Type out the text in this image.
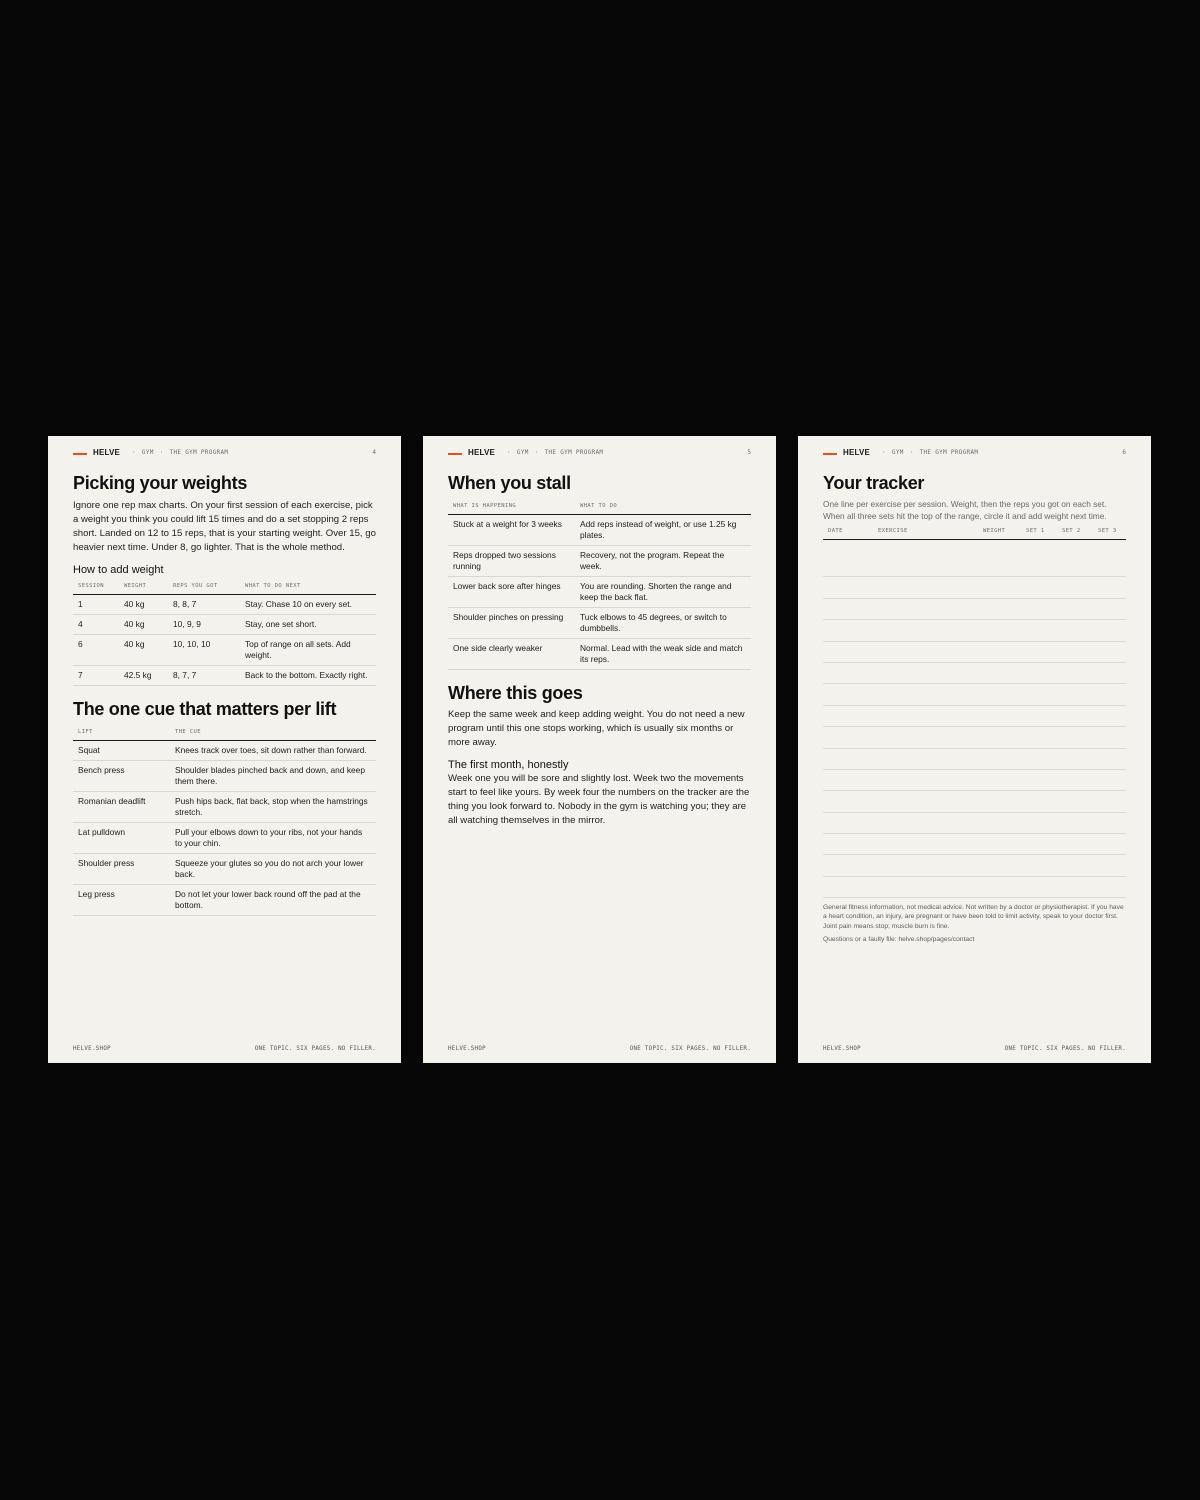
HELVE	· GYM · THE GYM PROGRAM	4
Picking your weights

Ignore one rep max charts. On your first session of each exercise, pick a weight you think you could lift 15 times and do a set stopping 2 reps short. Landed on 12 to 15 reps, that is your starting weight. Over 15, go heavier next time. Under 8, go lighter. That is the whole method.

How to add weight
SESSION	WEIGHT	REPS YOU GOT	WHAT TO DO NEXT
1	40 kg	8, 8, 7	Stay. Chase 10 on every set.
4	40 kg	10, 9, 9	Stay, one set short.
6	40 kg	10, 10, 10	Top of range on all sets. Add weight.
7	42.5 kg	8, 7, 7	Back to the bottom. Exactly right.
The one cue that matters per lift
LIFT	THE CUE
Squat	Knees track over toes, sit down rather than forward.
Bench press	Shoulder blades pinched back and down, and keep them there.
Romanian deadlift	Push hips back, flat back, stop when the hamstrings stretch.
Lat pulldown	Pull your elbows down to your ribs, not your hands to your chin.
Shoulder press	Squeeze your glutes so you do not arch your lower back.
Leg press	Do not let your lower back round off the pad at the bottom.
HELVE.SHOP	ONE TOPIC. SIX PAGES. NO FILLER.
HELVE	· GYM · THE GYM PROGRAM	5
When you stall
WHAT IS HAPPENING	WHAT TO DO
Stuck at a weight for 3 weeks	Add reps instead of weight, or use 1.25 kg plates.
Reps dropped two sessions running	Recovery, not the program. Repeat the week.
Lower back sore after hinges	You are rounding. Shorten the range and keep the back flat.
Shoulder pinches on pressing	Tuck elbows to 45 degrees, or switch to dumbbells.
One side clearly weaker	Normal. Lead with the weak side and match its reps.
Where this goes

Keep the same week and keep adding weight. You do not need a new program until this one stops working, which is usually six months or more away.

The first month, honestly

Week one you will be sore and slightly lost. Week two the movements start to feel like yours. By week four the numbers on the tracker are the thing you look forward to. Nobody in the gym is watching you; they are all watching themselves in the mirror.

HELVE.SHOP	ONE TOPIC. SIX PAGES. NO FILLER.
HELVE	· GYM · THE GYM PROGRAM	6
Your tracker

One line per exercise per session. Weight, then the reps you got on each set. When all three sets hit the top of the range, circle it and add weight next time.

DATE	EXERCISE	WEIGHT	SET 1	SET 2	SET 3

General fitness information, not medical advice. Not written by a doctor or physiotherapist. If you have a heart condition, an injury, are pregnant or have been told to limit activity, speak to your doctor first. Joint pain means stop; muscle burn is fine.

Questions or a faulty file: helve.shop/pages/contact

HELVE.SHOP	ONE TOPIC. SIX PAGES. NO FILLER.
